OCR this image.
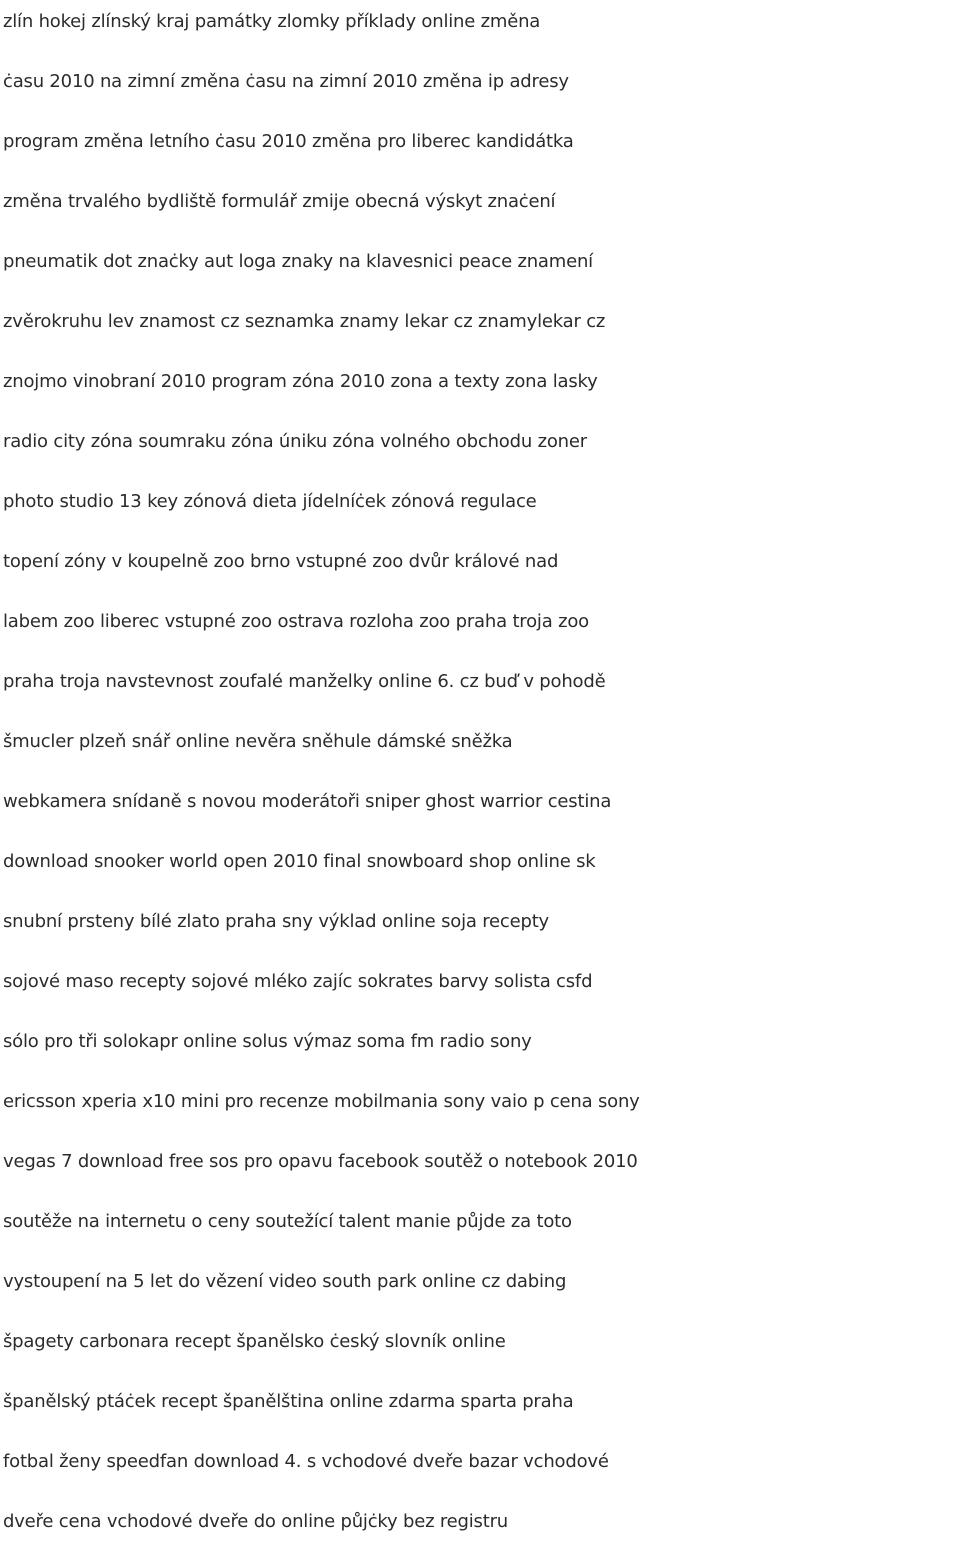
zlín hokej zlínský kraj památky zlomky příklady online změna
ċasu 2010 na zimní změna ċasu na zimní 2010 změna ip adresy
program změna letního ċasu 2010 změna pro liberec kandidátka
změna trvalého bydliště formulář zmije obecná výskyt znaċení
pneumatik dot znaċky aut loga znaky na klavesnici peace znamení
zvěrokruhu lev znamost cz seznamka znamy lekar cz znamylekar cz
znojmo vinobraní 2010 program zóna 2010 zona a texty zona lasky
radio city zóna soumraku zóna úniku zóna volného obchodu zoner
photo studio 13 key zónová dieta jídelníċek zónová regulace
topení zóny v koupelně zoo brno vstupné zoo dvůr králové nad
labem zoo liberec vstupné zoo ostrava rozloha zoo praha troja zoo
praha troja navstevnost zoufalé manželky online 6. cz buď v pohodě
šmucler plzeň snář online nevěra sněhule dámské sněžka
webkamera snídaně s novou moderátoři sniper ghost warrior cestina
download snooker world open 2010 final snowboard shop online sk
snubní prsteny bílé zlato praha sny výklad online soja recepty
sojové maso recepty sojové mléko zajíc sokrates barvy solista csfd
sólo pro tři solokapr online solus výmaz soma fm radio sony
ericsson xperia x10 mini pro recenze mobilmania sony vaio p cena sony
vegas 7 download free sos pro opavu facebook soutěž o notebook 2010
soutěže na internetu o ceny soutežící talent manie půjde za toto
vystoupení na 5 let do vězení video south park online cz dabing
špagety carbonara recept španělsko ċeský slovník online
španělský ptáċek recept španělština online zdarma sparta praha
fotbal ženy speedfan download 4. s vchodové dveře bazar vchodové
dveře cena vchodové dveře do online půjċky bez registru
